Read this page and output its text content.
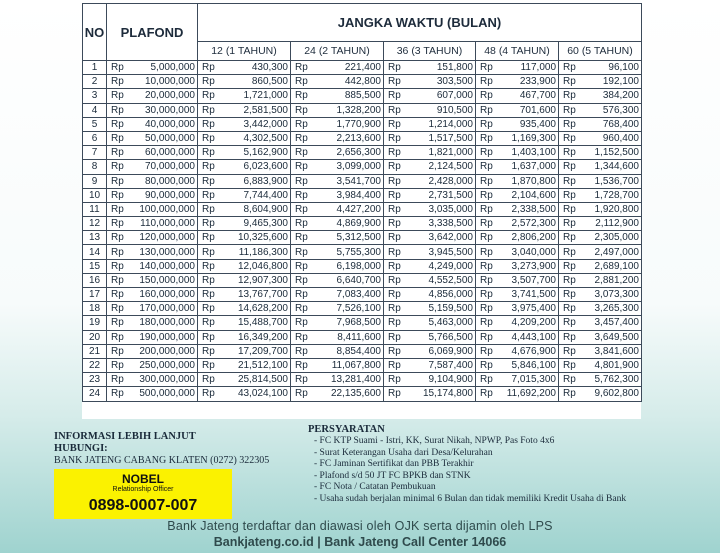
NO	PLAFOND	JANGKA WAKTU (BULAN)				
		12 (1 TAHUN)	24 (2 TAHUN)	36 (3 TAHUN)	48 (4 TAHUN)	60 (5 TAHUN)
1	Rp 5,000,000	Rp 430,300	Rp 221,400	Rp 151,800	Rp 117,000	Rp 96,100

2	Rp 10,000,000	Rp 860,500	Rp 442,800	Rp 303,500	Rp 233,900	Rp 192,100

3	Rp 20,000,000	Rp 1,721,000	Rp 885,500	Rp 607,000	Rp 467,700	Rp 384,200

4	Rp 30,000,000	Rp 2,581,500	Rp 1,328,200	Rp 910,500	Rp 701,600	Rp 576,300

5	Rp 40,000,000	Rp 3,442,000	Rp 1,770,900	Rp 1,214,000	Rp 935,400	Rp 768,400

6	Rp 50,000,000	Rp 4,302,500	Rp 2,213,600	Rp 1,517,500	Rp 1,169,300	Rp 960,400

7	Rp 60,000,000	Rp 5,162,900	Rp 2,656,300	Rp 1,821,000	Rp 1,403,100	Rp 1,152,500

8	Rp 70,000,000	Rp 6,023,600	Rp 3,099,000	Rp 2,124,500	Rp 1,637,000	Rp 1,344,600

9	Rp 80,000,000	Rp 6,883,900	Rp 3,541,700	Rp 2,428,000	Rp 1,870,800	Rp 1,536,700

10	Rp 90,000,000	Rp 7,744,400	Rp 3,984,400	Rp 2,731,500	Rp 2,104,600	Rp 1,728,700

11	Rp 100,000,000	Rp 8,604,900	Rp 4,427,200	Rp 3,035,000	Rp 2,338,500	Rp 1,920,800

12	Rp 110,000,000	Rp 9,465,300	Rp 4,869,900	Rp 3,338,500	Rp 2,572,300	Rp 2,112,900

13	Rp 120,000,000	Rp 10,325,600	Rp 5,312,500	Rp 3,642,000	Rp 2,806,200	Rp 2,305,000

14	Rp 130,000,000	Rp 11,186,300	Rp 5,755,300	Rp 3,945,500	Rp 3,040,000	Rp 2,497,000

15	Rp 140,000,000	Rp 12,046,800	Rp 6,198,000	Rp 4,249,000	Rp 3,273,900	Rp 2,689,100

16	Rp 150,000,000	Rp 12,907,300	Rp 6,640,700	Rp 4,552,500	Rp 3,507,700	Rp 2,881,200

17	Rp 160,000,000	Rp 13,767,700	Rp 7,083,400	Rp 4,856,000	Rp 3,741,500	Rp 3,073,300

18	Rp 170,000,000	Rp 14,628,200	Rp 7,526,100	Rp 5,159,500	Rp 3,975,400	Rp 3,265,300

19	Rp 180,000,000	Rp 15,488,700	Rp 7,968,500	Rp 5,463,000	Rp 4,209,200	Rp 3,457,400

20	Rp 190,000,000	Rp 16,349,200	Rp 8,411,600	Rp 5,766,500	Rp 4,443,100	Rp 3,649,500

21	Rp 200,000,000	Rp 17,209,700	Rp 8,854,400	Rp 6,069,900	Rp 4,676,900	Rp 3,841,600

22	Rp 250,000,000	Rp 21,512,100	Rp 11,067,800	Rp 7,587,400	Rp 5,846,100	Rp 4,801,900

23	Rp 300,000,000	Rp 25,814,500	Rp 13,281,400	Rp 9,104,900	Rp 7,015,300	Rp 5,762,300

24	Rp 500,000,000	Rp 43,024,100	Rp 22,135,600	Rp 15,174,800	Rp 11,692,200	Rp 9,602,800
INFORMASI LEBIH LANJUT
HUBUNGI:
BANK JATENG CABANG KLATEN (0272) 322305
NOBEL
Relationship Officer
0898-0007-007
PERSYARATAN
- FC KTP Suami - Istri, KK, Surat Nikah, NPWP, Pas Foto 4x6
- Surat Keterangan Usaha dari Desa/Kelurahan
- FC Jaminan Sertifikat dan PBB Terakhir
- Plafond s/d 50 JT FC BPKB dan STNK
- FC Nota / Catatan Pembukuan
- Usaha sudah berjalan minimal 6 Bulan dan tidak memiliki Kredit Usaha di Bank
Bank Jateng terdaftar dan diawasi oleh OJK serta dijamin oleh LPS
Bankjateng.co.id | Bank Jateng Call Center 14066
